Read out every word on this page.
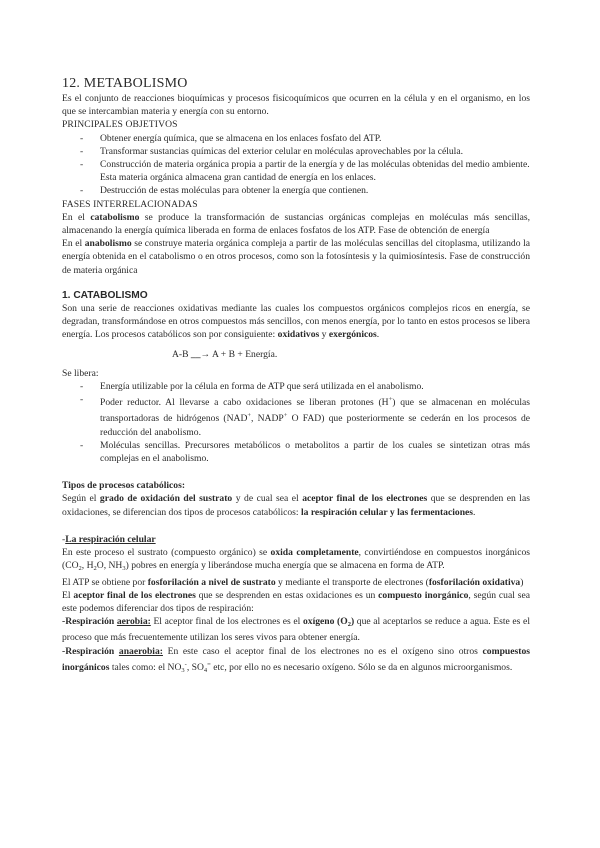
12. METABOLISMO

Es el conjunto de reacciones bioquímicas y procesos fisicoquímicos que ocurren en la célula y en el organismo, en los que se intercambian materia y energía con su entorno.

PRINCIPALES OBJETIVOS

- Obtener energía química, que se almacena en los enlaces fosfato del ATP.
- Transformar sustancias químicas del exterior celular en moléculas aprovechables por la célula.
- Construcción de materia orgánica propia a partir de la energía y de las moléculas obtenidas del medio ambiente. Esta materia orgánica almacena gran cantidad de energía en los enlaces.
- Destrucción de estas moléculas para obtener la energía que contienen.

FASES INTERRELACIONADAS

En el catabolismo se produce la transformación de sustancias orgánicas complejas en moléculas más sencillas, almacenando la energía química liberada en forma de enlaces fosfatos de los ATP. Fase de obtención de energía

En el anabolismo se construye materia orgánica compleja a partir de las moléculas sencillas del citoplasma, utilizando la energía obtenida en el catabolismo o en otros procesos, como son la fotosíntesis y la quimiosíntesis. Fase de construcción de materia orgánica

1. CATABOLISMO

Son una serie de reacciones oxidativas mediante las cuales los compuestos orgánicos complejos ricos en energía, se degradan, transformándose en otros compuestos más sencillos, con menos energía, por lo tanto en estos procesos se libera energía. Los procesos catabólicos son por consiguiente: oxidativos y exergónicos.

A-B __→ A + B + Energía.

Se libera:

- Energía utilizable por la célula en forma de ATP que será utilizada en el anabolismo.
- Poder reductor. Al llevarse a cabo oxidaciones se liberan protones (H+) que se almacenan en moléculas transportadoras de hidrógenos (NAD+, NADP+ O FAD) que posteriormente se cederán en los procesos de reducción del anabolismo.
- Moléculas sencillas. Precursores metabólicos o metabolitos a partir de los cuales se sintetizan otras más complejas en el anabolismo.

Tipos de procesos catabólicos:

Según el grado de oxidación del sustrato y de cual sea el aceptor final de los electrones que se desprenden en las oxidaciones, se diferencian dos tipos de procesos catabólicos: la respiración celular y las fermentaciones.

-La respiración celular

En este proceso el sustrato (compuesto orgánico) se oxida completamente, convirtiéndose en compuestos inorgánicos ($CO_2$, $H_2O$, $NH_3$) pobres en energía y liberándose mucha energía que se almacena en forma de ATP.

El ATP se obtiene por fosforilación a nivel de sustrato y mediante el transporte de electrones (fosforilación oxidativa)

El aceptor final de los electrones que se desprenden en estas oxidaciones es un compuesto inorgánico, según cual sea este podemos diferenciar dos tipos de respiración:

-Respiración aerobia: El aceptor final de los electrones es el oxígeno $(O_2)$ que al aceptarlos se reduce a agua. Este es el proceso que más frecuentemente utilizan los seres vivos para obtener energía.

-Respiración anaerobia: En este caso el aceptor final de los electrones no es el oxígeno sino otros compuestos inorgánicos tales como: el $NO_3^-$, $SO_4^=$ etc, por ello no es necesario oxígeno. Sólo se da en algunos microorganismos.
